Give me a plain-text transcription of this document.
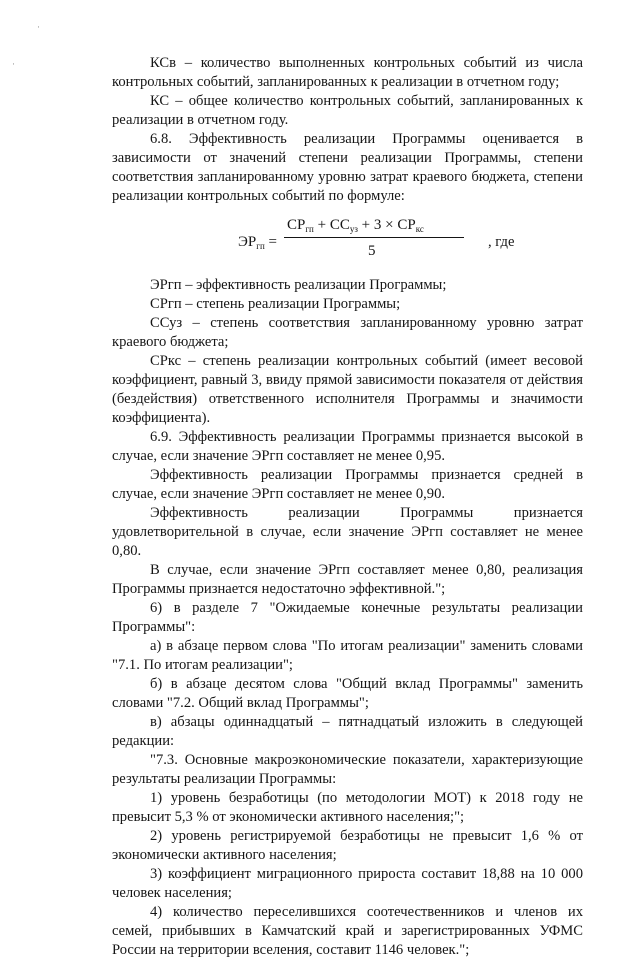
·
·	КСв – количество выполненных контрольных событий из числа контрольных событий, запланированных к реализации в отчетном году;

КС – общее количество контрольных событий, запланированных к реализации в отчетном году.

6.8. Эффективность реализации Программы оценивается в зависимости от значений степени реализации Программы, степени соответствия запланированному уровню затрат краевого бюджета, степени реализации контрольных событий по формуле:

$ЭР_{гп}$ =
$СР_{гп} + СС_{уз} + 3 \times СР_{кс}$
5
, где

ЭРгп – эффективность реализации Программы;

СРгп – степень реализации Программы;

ССуз – степень соответствия запланированному уровню затрат краевого бюджета;

СРкс – степень реализации контрольных событий (имеет весовой коэффициент, равный 3, ввиду прямой зависимости показателя от действия (бездействия) ответственного исполнителя Программы и значимости коэффициента).

6.9. Эффективность реализации Программы признается высокой в случае, если значение ЭРгп составляет не менее 0,95.

Эффективность реализации Программы признается средней в случае, если значение ЭРгп составляет не менее 0,90.

Эффективность реализации Программы признается удовлетворительной в случае, если значение ЭРгп составляет не менее 0,80.

В случае, если значение ЭРгп составляет менее 0,80, реализация Программы признается недостаточно эффективной.";

6) в разделе 7 "Ожидаемые конечные результаты реализации Программы":

а) в абзаце первом слова "По итогам реализации" заменить словами "7.1. По итогам реализации";

б) в абзаце десятом слова "Общий вклад Программы" заменить словами "7.2. Общий вклад Программы";

в) абзацы одиннадцатый – пятнадцатый изложить в следующей редакции:

"7.3. Основные макроэкономические показатели, характеризующие результаты реализации Программы:

1) уровень безработицы (по методологии МОТ) к 2018 году не превысит 5,3 % от экономически активного населения;";

2) уровень регистрируемой безработицы не превысит 1,6 % от экономически активного населения;

3) коэффициент миграционного прироста составит 18,88 на 10 000 человек населения;

4) количество переселившихся соотечественников и членов их семей, прибывших в Камчатский край и зарегистрированных УФМС России на территории вселения, составит 1146 человек.";
